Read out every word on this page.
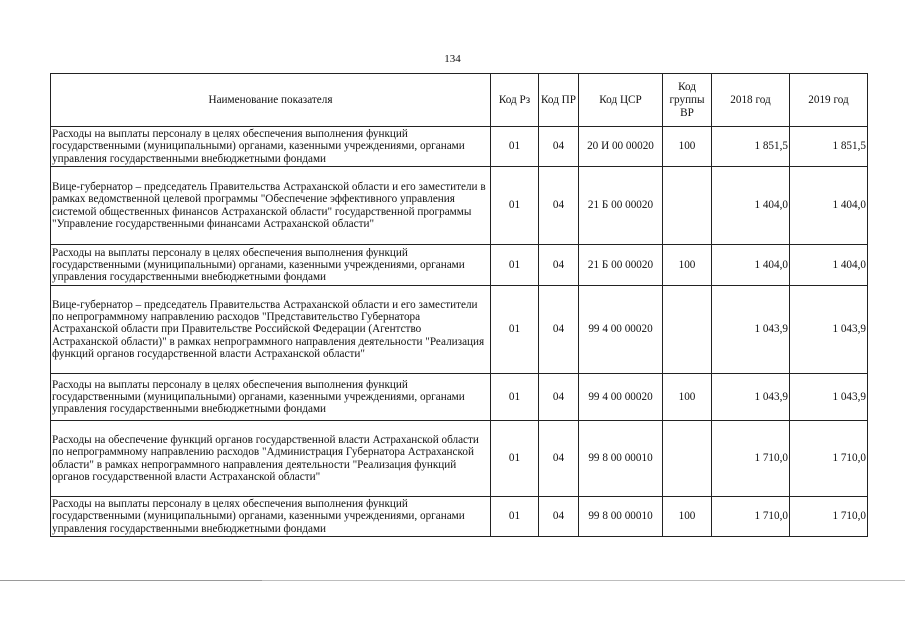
134
Наименование показателя	Код Рз	Код ПР	Код ЦСР	Код группы ВР	2018 год	2019 год
Расходы на выплаты персоналу в целях обеспечения выполнения функций государственными (муниципальными) органами, казенными учреждениями, органами управления государственными внебюджетными фондами	01	04	20 И 00 00020	100	1 851,5	1 851,5
Вице-губернатор – председатель Правительства Астраханской области и его заместители в рамках ведомственной целевой программы "Обеспечение эффективного управления системой общественных финансов Астраханской области" государственной программы "Управление государственными финансами Астраханской области"	01	04	21 Б 00 00020		1 404,0	1 404,0
Расходы на выплаты персоналу в целях обеспечения выполнения функций государственными (муниципальными) органами, казенными учреждениями, органами управления государственными внебюджетными фондами	01	04	21 Б 00 00020	100	1 404,0	1 404,0
Вице-губернатор – председатель Правительства Астраханской области и его заместители по непрограммному направлению расходов "Представительство Губернатора Астраханской области при Правительстве Российской Федерации (Агентство Астраханской области)" в рамках непрограммного направления деятельности "Реализация функций органов государственной власти Астраханской области"	01	04	99 4 00 00020		1 043,9	1 043,9
Расходы на выплаты персоналу в целях обеспечения выполнения функций государственными (муниципальными) органами, казенными учреждениями, органами управления государственными внебюджетными фондами	01	04	99 4 00 00020	100	1 043,9	1 043,9
Расходы на обеспечение функций органов государственной власти Астраханской области по непрограммному направлению расходов "Администрация Губернатора Астраханской области" в рамках непрограммного направления деятельности "Реализация функций органов государственной власти Астраханской области"	01	04	99 8 00 00010		1 710,0	1 710,0
Расходы на выплаты персоналу в целях обеспечения выполнения функций государственными (муниципальными) органами, казенными учреждениями, органами управления государственными внебюджетными фондами	01	04	99 8 00 00010	100	1 710,0	1 710,0
